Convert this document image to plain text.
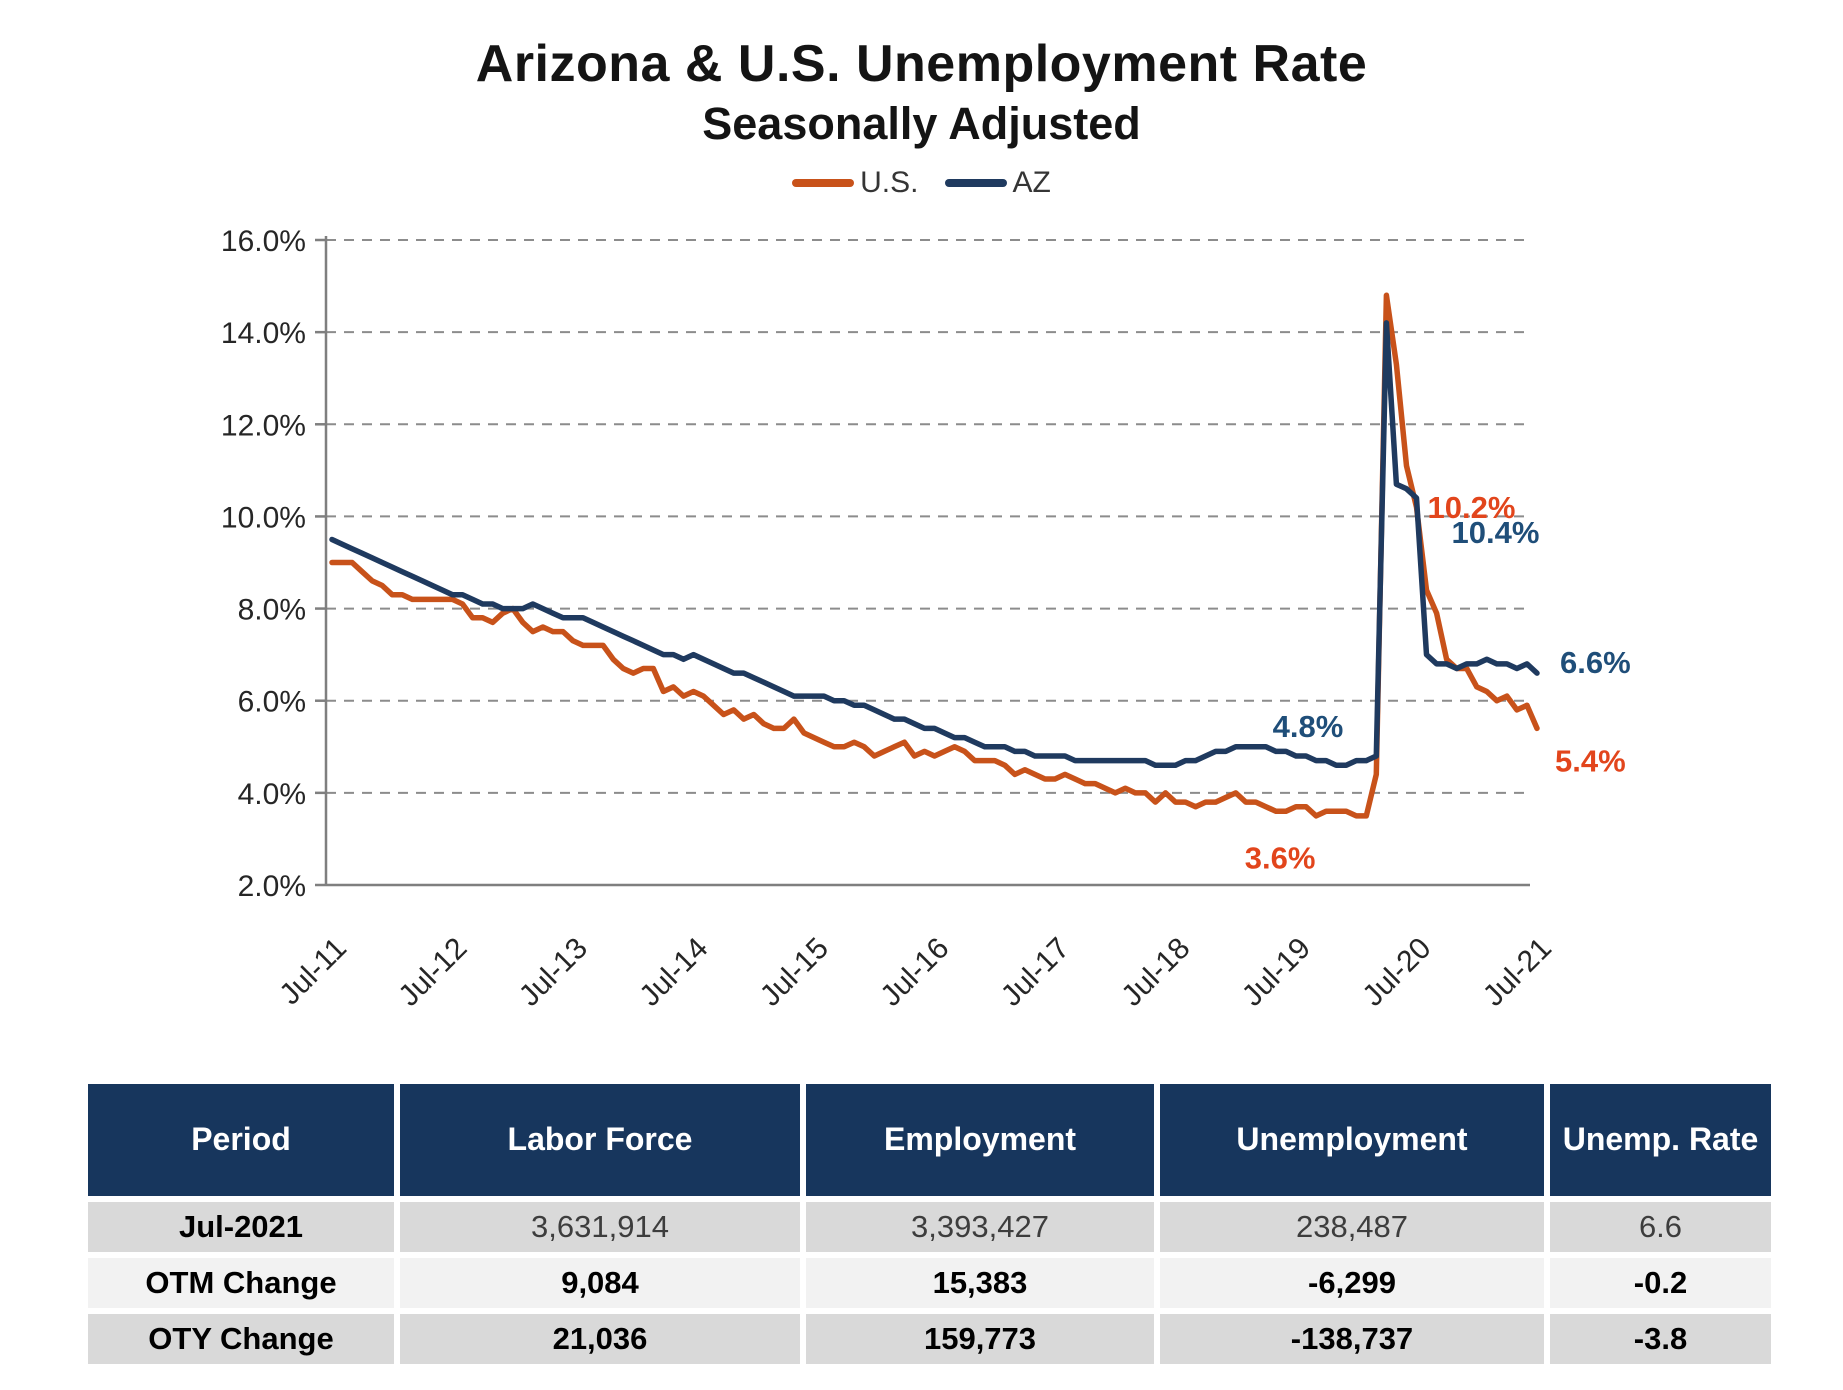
Arizona & U.S. Unemployment Rate
Seasonally Adjusted
U.S.	AZ
16.0%
14.0%
12.0%
10.0%
8.0%
6.0%
4.0%
2.0%
Jul-11 Jul-12 Jul-13 Jul-14 Jul-15 Jul-16 Jul-17 Jul-18 Jul-19 Jul-20 Jul-21
10.2%
10.4%
6.6%
5.4%
4.8%
3.6%
Period	Labor Force	Employment	Unemployment	Unemp. Rate
Jul-2021	3,631,914	3,393,427	238,487	6.6
OTM Change	9,084	15,383	-6,299	-0.2
OTY Change	21,036	159,773	-138,737	-3.8
